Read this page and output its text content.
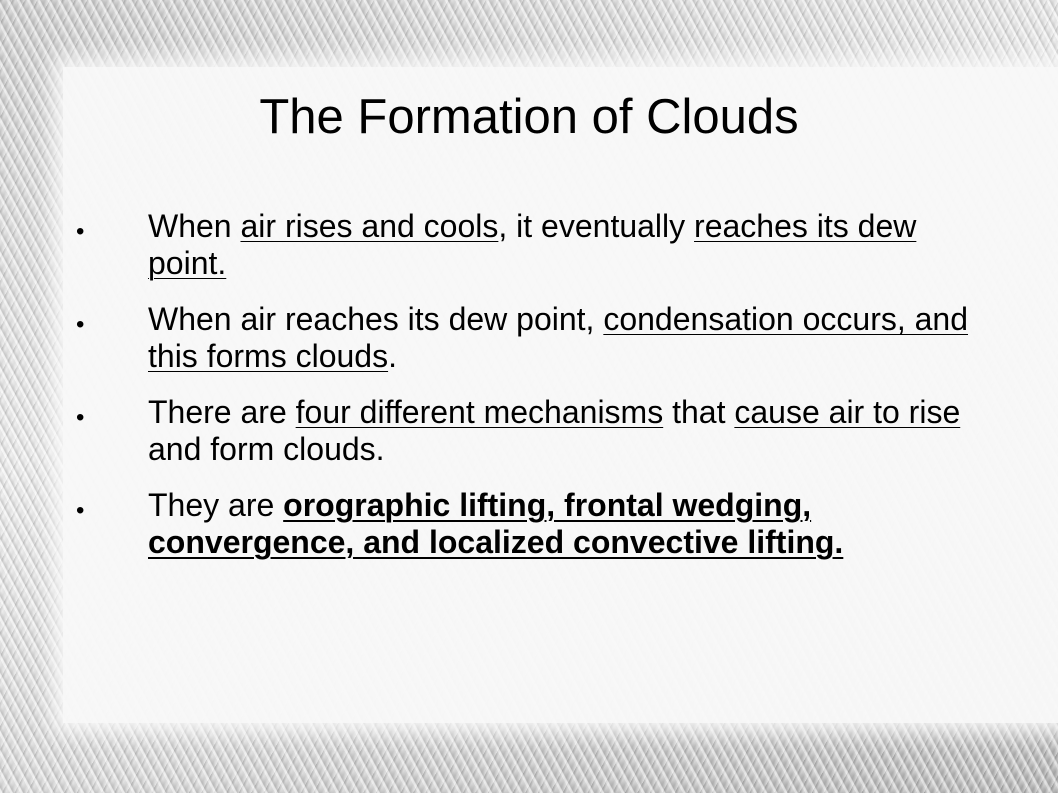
The Formation of Clouds
•	When air rises and cools, it eventually reaches its dew point.
•	When air reaches its dew point, condensation occurs, and this forms clouds.
•	There are four different mechanisms that cause air to rise and form clouds.
•	They are orographic lifting, frontal wedging, convergence, and localized convective lifting.
